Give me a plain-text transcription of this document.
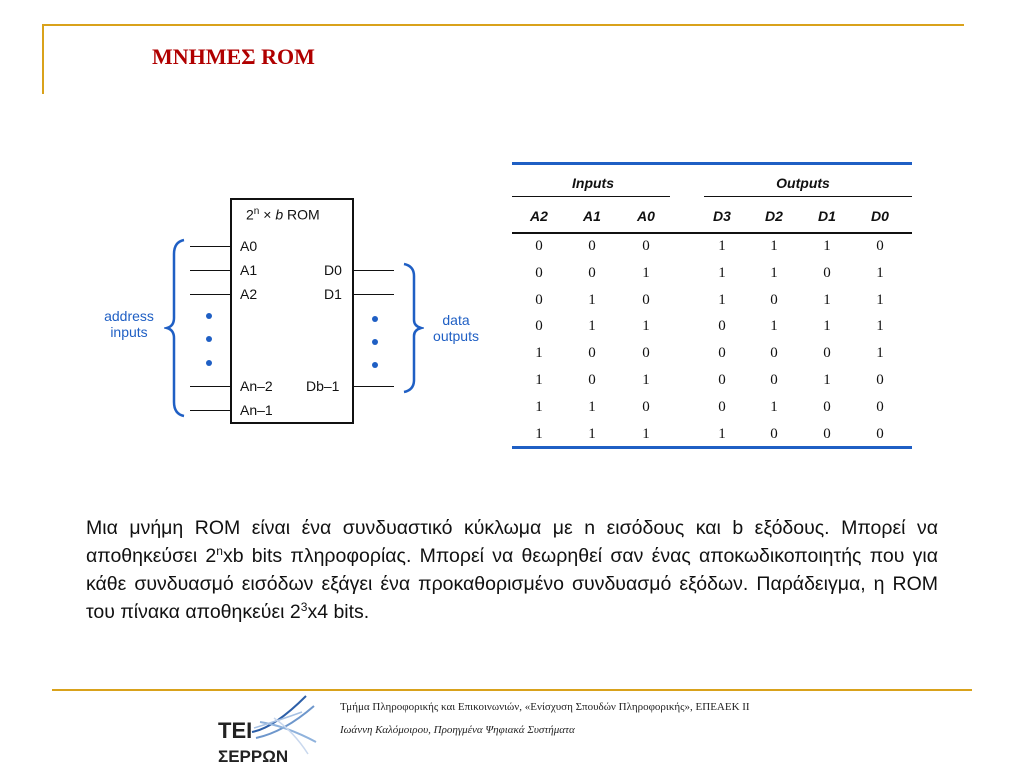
ΜΝΗΜΕΣ ROM
$2^n \times b$ ROM
A0
A1
A2
An–2
An–1
D0
D1
Db–1
address
inputs
data
outputs
Inputs	Outputs
A2	A1	A0	D3	D2	D1	D0
0	0	0	1	1	1	0
0	0	1	1	1	0	1
0	1	0	1	0	1	1
0	1	1	0	1	1	1
1	0	0	0	0	0	1
1	0	1	0	0	1	0
1	1	0	0	1	0	0
1	1	1	1	0	0	0

Μια μνήμη ROM είναι ένα συνδυαστικό κύκλωμα με n εισόδους και b εξόδους. Μπορεί να αποθηκεύσει 2$^n$xb bits πληροφορίας. Μπορεί να θεωρηθεί σαν ένας αποκωδικοποιητής που για κάθε συνδυασμό εισόδων εξάγει ένα προκαθορισμένο συνδυασμό εξόδων. Παράδειγμα, η ROM του πίνακα αποθηκεύει $2^3x4$ bits.

ΤΕΙ
ΣΕΡΡΩΝ
Τμήμα Πληροφορικής και Επικοινωνιών, «Ενίσχυση Σπουδών Πληροφορικής», ΕΠΕΑΕΚ ΙΙ
Ιωάννη Καλόμοιρου, Προηγμένα Ψηφιακά Συστήματα
